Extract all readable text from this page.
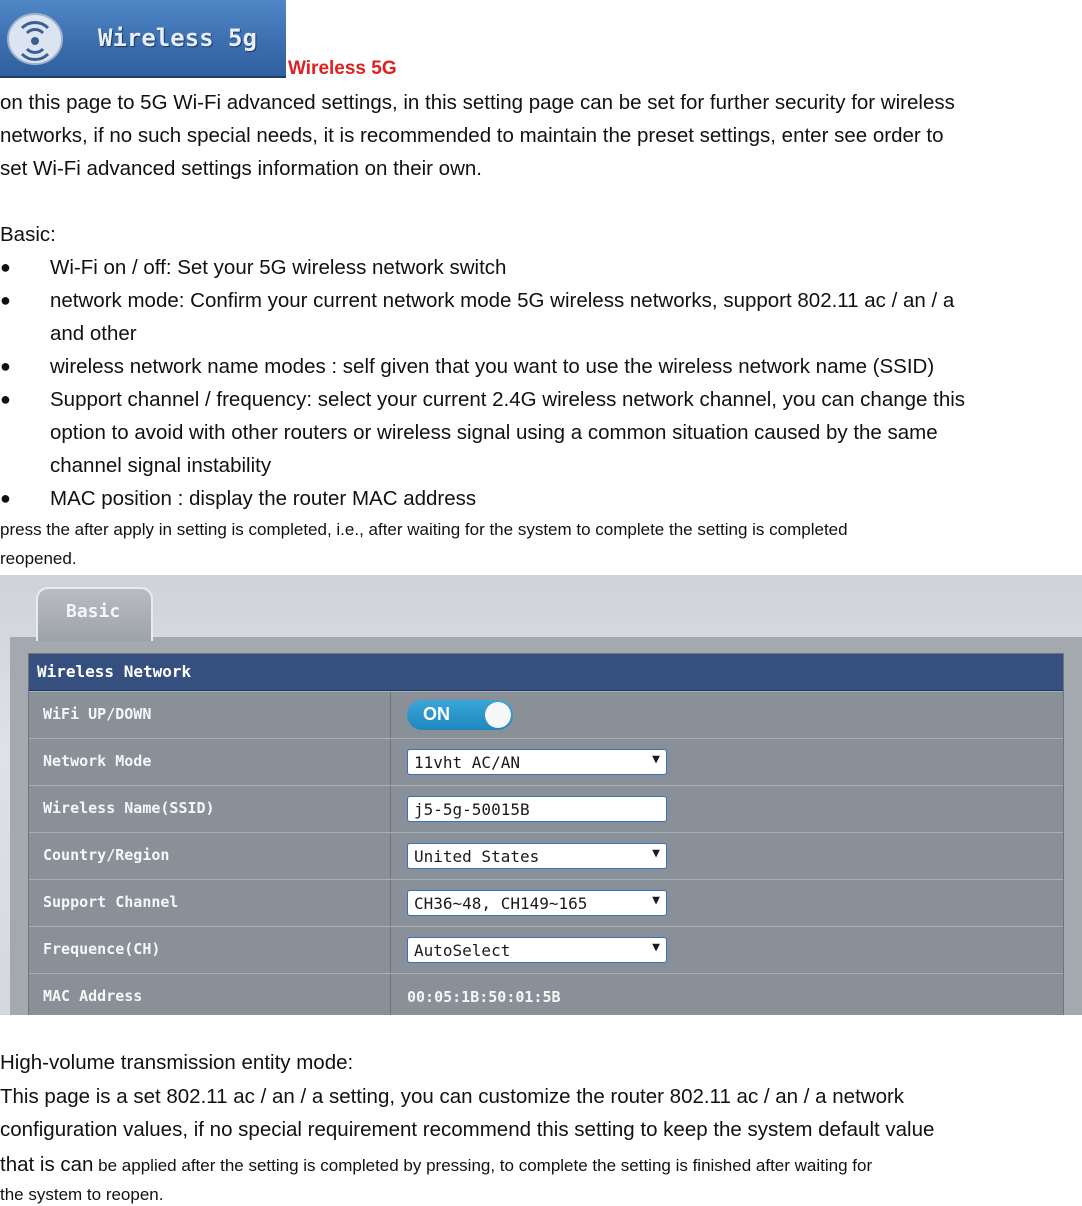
Wireless 5g
Wireless 5G
on this page to 5G Wi-Fi advanced settings, in this setting page can be set for further security for wireless
networks, if no such special needs, it is recommended to maintain the preset settings, enter see order to
set Wi-Fi advanced settings information on their own.
Basic:
● Wi-Fi on / off: Set your 5G wireless network switch
● network mode: Confirm your current network mode 5G wireless networks, support 802.11 ac / an / a
and other
● wireless network name modes : self given that you want to use the wireless network name (SSID)
● Support channel / frequency: select your current 2.4G wireless network channel, you can change this
option to avoid with other routers or wireless signal using a common situation caused by the same
channel signal instability
● MAC position : display the router MAC address
press the after apply in setting is completed, i.e., after waiting for the system to complete the setting is completed
reopened.
Basic
Wireless Network
WiFi UP/DOWN	ON
Network Mode	11vht AC/AN	▼
Wireless Name(SSID)	j5-5g-50015B
Country/Region	United States	▼
Support Channel	CH36~48, CH149~165	▼
Frequence(CH)	AutoSelect	▼
MAC Address	00:05:1B:50:01:5B
High-volume transmission entity mode:
This page is a set 802.11 ac / an / a setting, you can customize the router 802.11 ac / an / a network
configuration values, if no special requirement recommend this setting to keep the system default value
that is can be applied after the setting is completed by pressing, to complete the setting is finished after waiting for
the system to reopen.
